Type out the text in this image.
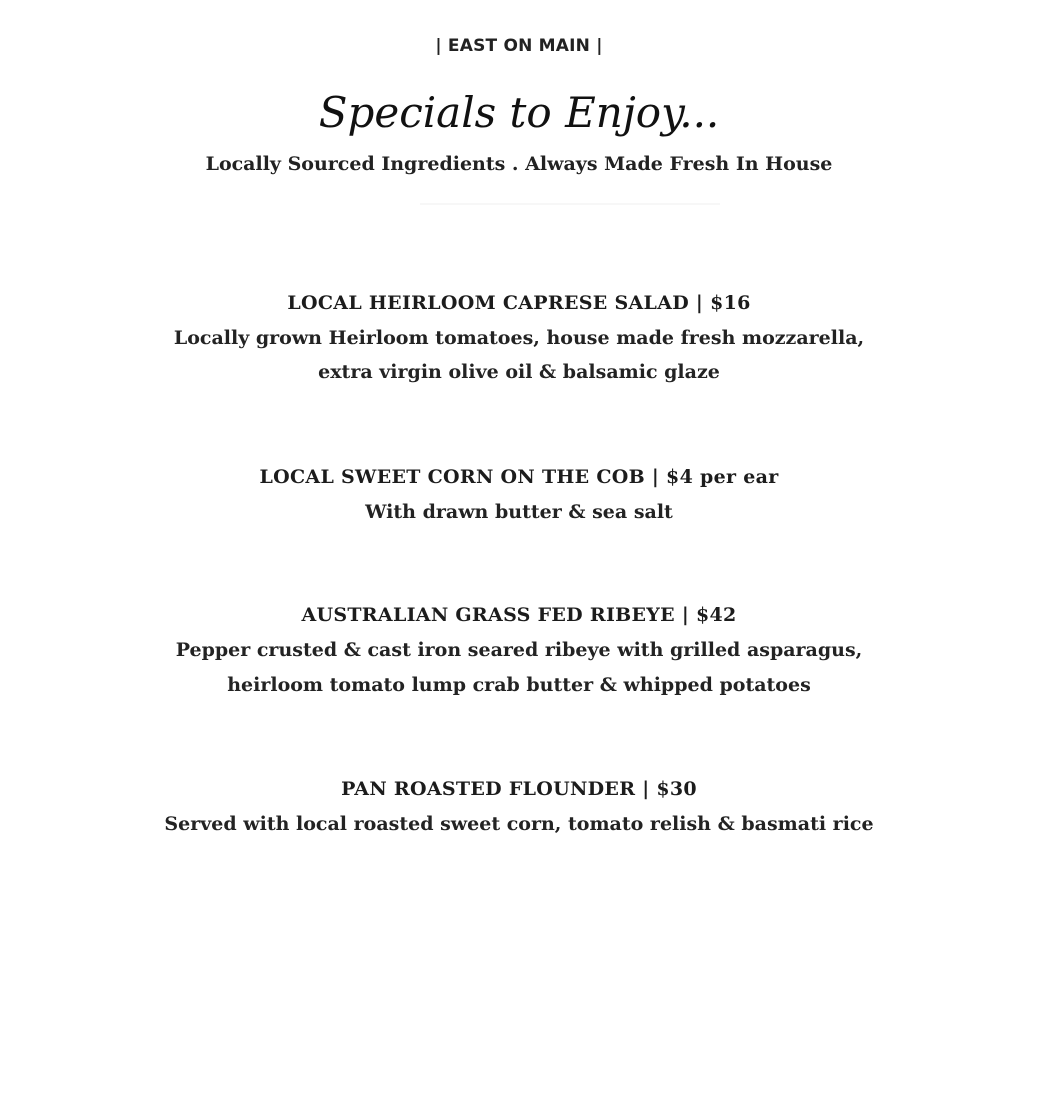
| EAST ON MAIN |
Specials to Enjoy...
Locally Sourced Ingredients . Always Made Fresh In House
LOCAL HEIRLOOM CAPRESE SALAD | $16
Locally grown Heirloom tomatoes, house made fresh mozzarella,
extra virgin olive oil & balsamic glaze
LOCAL SWEET CORN ON THE COB | $4 per ear
With drawn butter & sea salt
AUSTRALIAN GRASS FED RIBEYE | $42
Pepper crusted & cast iron seared ribeye with grilled asparagus,
heirloom tomato lump crab butter & whipped potatoes
PAN ROASTED FLOUNDER | $30
Served with local roasted sweet corn, tomato relish & basmati rice
